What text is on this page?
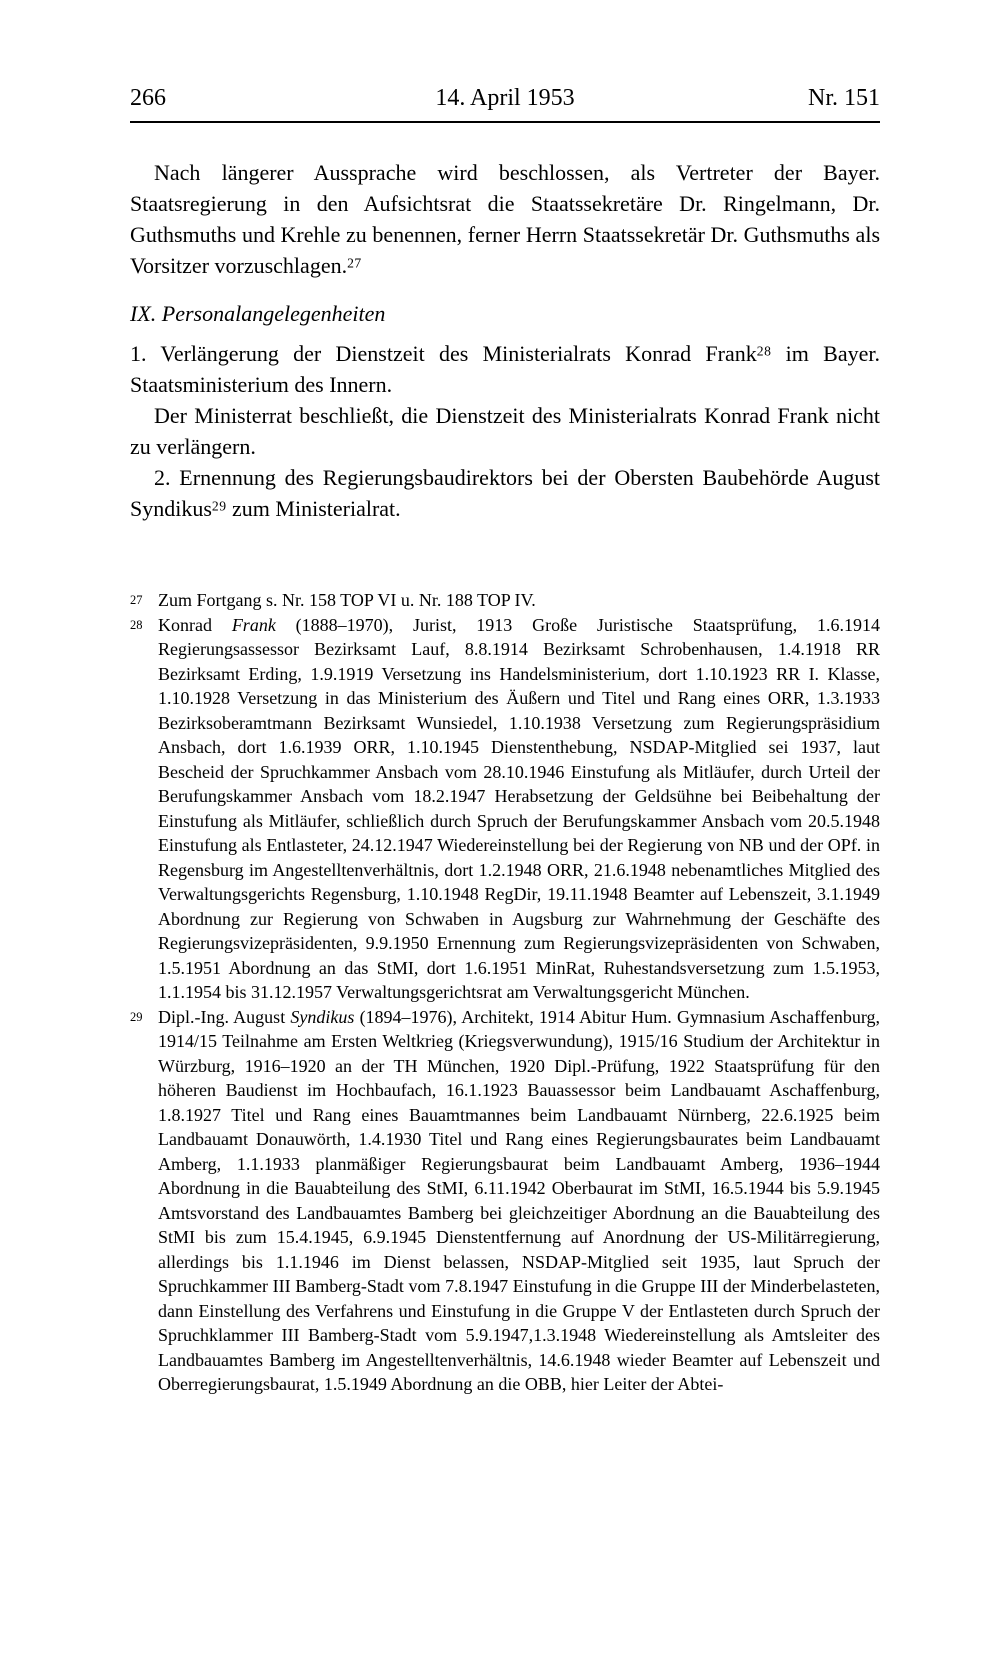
14. April 1953
266	Nr. 151

Nach längerer Aussprache wird beschlossen, als Vertreter der Bayer. Staatsregierung in den Aufsichtsrat die Staatssekretäre Dr. Ringelmann, Dr. Guthsmuths und Krehle zu benennen, ferner Herrn Staatssekretär Dr. Guthsmuths als Vorsitzer vorzuschlagen.$^{27}$

IX. Personalangelegenheiten

1. Verlängerung der Dienstzeit des Ministerialrats Konrad Frank$^{28}$ im Bayer. Staatsministerium des Innern.

Der Ministerrat beschließt, die Dienstzeit des Ministerialrats Konrad Frank nicht zu verlängern.

2. Ernennung des Regierungsbaudirektors bei der Obersten Baubehörde August Syndikus$^{29}$ zum Ministerialrat.

27 Zum Fortgang s. Nr. 158 TOP VI u. Nr. 188 TOP IV.
28 Konrad Frank (1888–1970), Jurist, 1913 Große Juristische Staatsprüfung, 1.6.1914 Regierungsassessor Bezirksamt Lauf, 8.8.1914 Bezirksamt Schrobenhausen, 1.4.1918 RR Bezirksamt Erding, 1.9.1919 Versetzung ins Handelsministerium, dort 1.10.1923 RR I. Klasse, 1.10.1928 Versetzung in das Ministerium des Äußern und Titel und Rang eines ORR, 1.3.1933 Bezirksoberamtmann Bezirksamt Wunsiedel, 1.10.1938 Versetzung zum Regierungspräsidium Ansbach, dort 1.6.1939 ORR, 1.10.1945 Dienstenthebung, NSDAP-Mitglied sei 1937, laut Bescheid der Spruchkammer Ansbach vom 28.10.1946 Einstufung als Mitläufer, durch Urteil der Berufungskammer Ansbach vom 18.2.1947 Herabsetzung der Geldsühne bei Beibehaltung der Einstufung als Mitläufer, schließlich durch Spruch der Berufungskammer Ansbach vom 20.5.1948 Einstufung als Entlasteter, 24.12.1947 Wiedereinstellung bei der Regierung von NB und der OPf. in Regensburg im Angestelltenverhältnis, dort 1.2.1948 ORR, 21.6.1948 nebenamtliches Mitglied des Verwaltungsgerichts Regensburg, 1.10.1948 RegDir, 19.11.1948 Beamter auf Lebenszeit, 3.1.1949 Abordnung zur Regierung von Schwaben in Augsburg zur Wahrnehmung der Geschäfte des Regierungsvizepräsidenten, 9.9.1950 Ernennung zum Regierungsvizepräsidenten von Schwaben, 1.5.1951 Abordnung an das StMI, dort 1.6.1951 MinRat, Ruhestandsversetzung zum 1.5.1953, 1.1.1954 bis 31.12.1957 Verwaltungsgerichtsrat am Verwaltungsgericht München.
29 Dipl.-Ing. August Syndikus (1894–1976), Architekt, 1914 Abitur Hum. Gymnasium Aschaffenburg, 1914/15 Teilnahme am Ersten Weltkrieg (Kriegsverwundung), 1915/16 Studium der Architektur in Würzburg, 1916–1920 an der TH München, 1920 Dipl.-Prüfung, 1922 Staatsprüfung für den höheren Baudienst im Hochbaufach, 16.1.1923 Bauassessor beim Landbauamt Aschaffenburg, 1.8.1927 Titel und Rang eines Bauamtmannes beim Landbauamt Nürnberg, 22.6.1925 beim Landbauamt Donauwörth, 1.4.1930 Titel und Rang eines Regierungsbaurates beim Landbauamt Amberg, 1.1.1933 planmäßiger Regierungsbaurat beim Landbauamt Amberg, 1936–1944 Abordnung in die Bauabteilung des StMI, 6.11.1942 Oberbaurat im StMI, 16.5.1944 bis 5.9.1945 Amtsvorstand des Landbauamtes Bamberg bei gleichzeitiger Abordnung an die Bauabteilung des StMI bis zum 15.4.1945, 6.9.1945 Dienstentfernung auf Anordnung der US-Militärregierung, allerdings bis 1.1.1946 im Dienst belassen, NSDAP-Mitglied seit 1935, laut Spruch der Spruchkammer III Bamberg-Stadt vom 7.8.1947 Einstufung in die Gruppe III der Minderbelasteten, dann Einstellung des Verfahrens und Einstufung in die Gruppe V der Entlasteten durch Spruch der Spruchklammer III Bamberg-Stadt vom 5.9.1947,1.3.1948 Wiedereinstellung als Amtsleiter des Landbauamtes Bamberg im Angestelltenverhältnis, 14.6.1948 wieder Beamter auf Lebenszeit und Oberregierungsbaurat, 1.5.1949 Abordnung an die OBB, hier Leiter der Abtei-
